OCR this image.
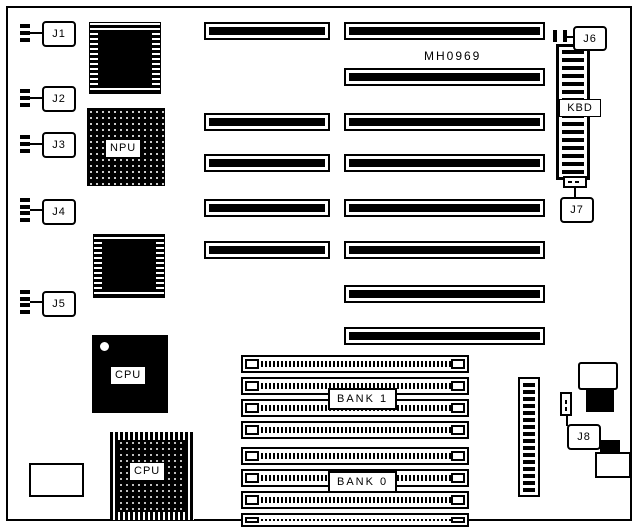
MH0969
J1
J2
J3
J4
J5
NPU
CPU
CPU
KBD
J6
J7
BANK 1
BANK 0
J8
